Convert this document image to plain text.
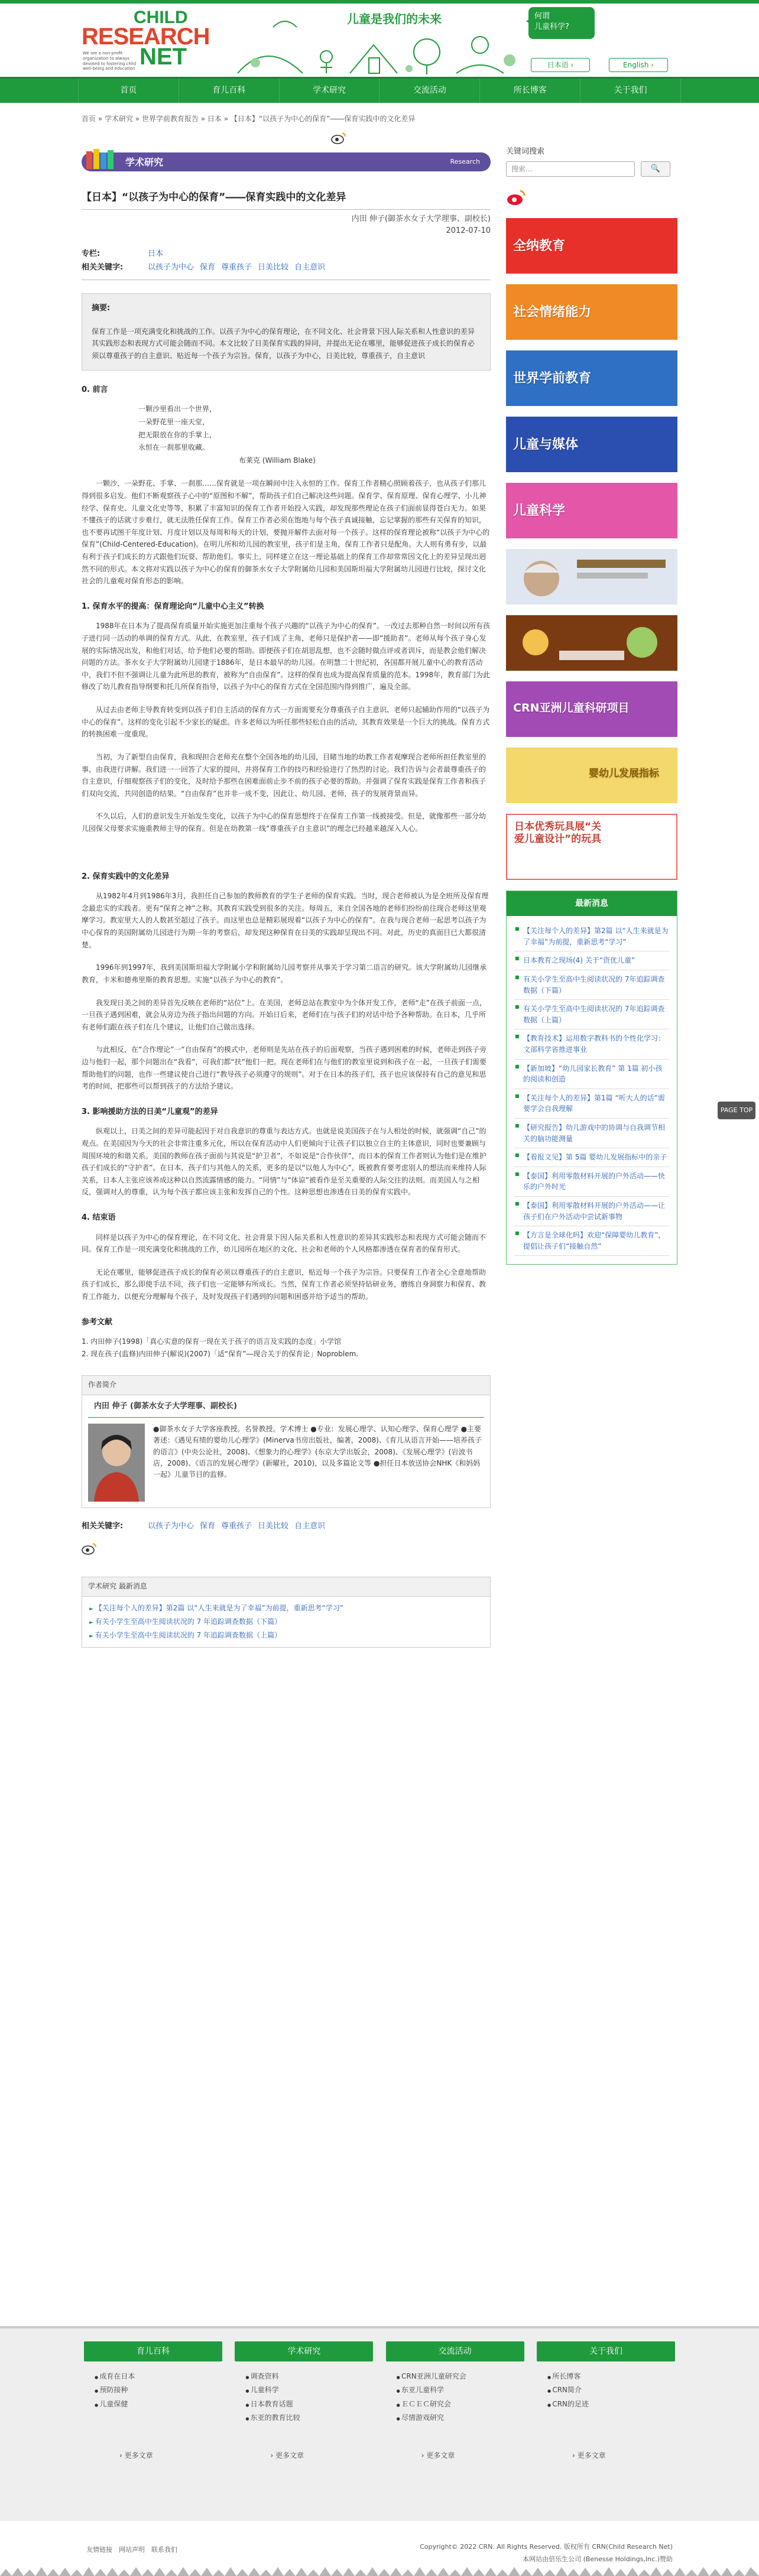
CHILD
RESEARCH
NET
We are a non-profit organization to always devoted to fostering child well-being and education
儿童是我们的未来	何谓
儿童科学?
日本语 ›	English ›
首页	育儿百科	学术研究	交流活动	所长博客	关于我们
首页 » 学术研究 » 世界学前教育报告 » 日本 » 【日本】“以孩子为中心的保育”――保育实践中的文化差异
学术研究	Research
【日本】“以孩子为中心的保育”――保育实践中的文化差异
内田 伸子(御茶水女子大学理事、副校长)
2012-07-10
专栏:	日本
相关关键字:	以孩子为中心 保育 尊重孩子 日美比较 自主意识
摘要:
保育工作是一项充满变化和挑战的工作。以孩子为中心的保育理论，在不同文化、社会背景下因人际关系和人性意识的差异其实践形态和表现方式可能会随而不同。本文比较了日美保育实践的异同，并提出无论在哪里，能够促进孩子成长的保育必须以尊重孩子的自主意识、贴近每一个孩子为宗旨。保育，以孩子为中心，日美比较，尊重孩子，自主意识
0. 前言
一颗沙里看出一个世界，
一朵野花里一座天堂，
把无限放在你的手掌上，
永恒在一刹那里收藏。
布莱克 (William Blake)

一颗沙、一朵野花、手掌、一刹那……保育就是一项在瞬间中注入永恒的工作。保育工作者精心照顾着孩子，也从孩子们那儿得到很多启发。他们不断观察孩子心中的“原图和不解”，帮助孩子们自己解决这些问题。保育学、保育原理、保育心理学、小儿神经学、保育史、儿童文化史等等，积累了丰富知识的保育工作者开始投入实践，却发现那些理论在孩子们面前显得苍白无力。如果不懂孩子的话就寸步难行，就无法胜任保育工作。保育工作者必须在饱地与每个孩子真诚接触，忘记掌握的那些有关保育的知识，也不要再试图干年度计划、月度计划以及每周和每天的计划，要抛开解件去面对每一个孩子。这样的保育理论被称“以孩子为中心的保育”(Child-Centered-Education)。在明儿所和幼儿园的教室里，孩子们是主角，保育工作者只是配角。大人则有勇有步，以最有利于孩子们成长的方式跟他们玩耍、帮助他们。事实上，同样建立在这一理论基础上的保育工作却常常因文化上的差异呈现出迥然不同的形式。本文将对实践以孩子为中心的保育的御茶水女子大学附属幼儿园和美国斯坦福大学附属幼儿园进行比较，探讨文化社会的儿童观对保育形态的影响。

1. 保育水平的提高：保育理论向“儿童中心主义”转换

1988年在日本为了提高保育质量开始实施更加注重每个孩子兴趣的“以孩子为中心的保育”。一改过去那种自然一时间以所有孩子进行同一活动的单调的保育方式。从此，在教室里，孩子们成了主角，老师只是保护者——即“援助者”。老师从每个孩子身心发展的实际情况出发，和他们对话，给予他们必要的帮助。即便孩子们在胡思乱想，也不会随时做点评或者训斥，而是教会他们解决问题的方法。茶水女子大学附属幼儿园建于1886年，是日本最早的幼儿园。在明慧二十世纪初，各国都开展儿童中心的教育活动中，我们不但不强调让儿童为此所思的教育，被称为“自由保育”。这样的保育也成为提高保育质量的范本。1998年，教育部门为此修改了幼儿教育指导纲要和托儿所保育指导，以孩子为中心的保育方式在全国范围内得到推广，遍及全部。

从过去由老师主导教育转变到以孩子们自主活动的保育方式一方面需要充分尊重孩子自主意识、老师只起辅助作用的“以孩子为中心的保育”。这样的变化引起不少家长的疑虑。许多老师以为听任那些轻松自由的活动，其教育效果是一个巨大的挑战。保育方式的转换困难一度重现。

当初，为了新型自由保育，我和现担合老师充在整个全国各地的幼儿园，目睹当地的幼教工作者观摩现合老师所担任教室里的事，由我进行讲解。我们进一一回答了大家的提问，并将保育工作的技巧和经验进行了热烈的讨论。我们告诉与会者最尊重孩子的自主意识，仔细观察孩子们的变化，及时给予那些在困难面前止步不前的孩子必要的帮助。并强调了保育实践是保育工作者和孩子们双向交流，共同创造的结果。“自由保育”也并非一成不变，因此让、幼儿园、老师，孩子的发展背景而异。

不久以后，人们的意识发生开始发生变化，以孩子为中心的保育思想终于在保育工作第一线被接受。但是，就像那些一部分幼儿园保父母要求实施重教师主导的保育。但是在幼教第一线“尊重孩子自主意识”的理念已经越来越深入人心。

2. 保育实践中的文化差异

从1982年4月到1986年3月，我担任自己参加的教师教育的学生子老师的保育实践。当时，现合老师被认为是全班所及保育理念最忠实的实践者。更有“保育之神”之称。其教育实践受到很多的关注。每周五，来自全国各地的老师们纷纷前往现合老师这里观摩学习。教室里大人的人数甚至超过了孩子。而这里也总是精彩展现着“以孩子为中心的保育”。在我与现合老师一起思考以孩子为中心保育的美国附属幼儿园进行为期一年的考察后，却发现这种保育在日美的实践却呈现出不同。对此，历史的真面目已大都很清楚。

1996年到1997年，我到美国斯坦福大学附属小学和附属幼儿园考察并从事关于学习第二语言的研究。该大学附属幼儿园继承教育，卡米和德弗里斯的教育思想。实施“以孩子为中心的教育”。

我发现日美之间的差异首先反映在老师的“站位”上。在美国，老师总站在教室中为个体开发工作，老师“走”在孩子前面一点，一旦孩子遇到困难，就会从旁边为孩子指出问题的方向。开始日后来，老师们在与孩子们的对话中给予各种帮助。在日本，几乎所有老师们跟在孩子们在几个建议，让他们自己做出选择。

与此相反，在“合作理论”一“自由保育”的模式中，老师则是先站在孩子的后面观察，当孩子遇到困难的时候，老师走到孩子旁边与他们一起，那个问题出在“我看”，可我们都“扶”他们一把。现在老师们在与他们的教室里说到和孩子在一起，一旦孩子们需要帮助他们的问题，也作一些建议使自己进行“教导孩子必须遵守的规则”。对于在日本的孩子们，孩子也应该保持有自己的意见和思考的时间，把那些可以帮到孩子的方法给予建议。

3. 影响援助方法的日美“儿童观”的差异

纵观以上，日美之间的差异可能起因于对自我意识的尊重与表达方式。也就是说美国孩子在与人相处的时候，就强调“自己”的观点。在美国因为今天的社会非常注重多元化，所以在保育活动中人们更倾向于让孩子们以独立自主的主体意识，同时也要兼顾与周围环境的和谐关系。美国的教师在孩子面前与其说是“护卫者”，不如说是“合作伙伴”，而日本的保育工作者则认为他们是在维护孩子们成长的“守护者”。在日本，孩子们与其他人的关系，更多的是以“以他人为中心”，既被教育要考虑别人的想法而来维持人际关系，日本人主张应该养成这种以自然流露情感的能力。“同情”与“体谅”被看作是至关重要的人际交往的法则。而美国人与之相反，强调对人的尊重，认为每个孩子都应该主张和发挥自己的个性。这种思想也渗透在日美的保育实践中。

4. 结束语

同样是以孩子为中心的保育理论，在不同文化、社会背景下因人际关系和人性意识的差异其实践形态和表现方式可能会随而不同。保育工作是一项充满变化和挑战的工作，幼儿园所在地区的文化、社会和老师的个人风格都渗透在保育者的保育形式。

无论在哪里，能够促进孩子成长的保育必须以尊重孩子的自主意识，贴近每一个孩子为宗旨。只要保育工作者全心全意地帮助孩子们成长，那么即使手法不同，孩子们也一定能够有所成长。当然，保育工作者必须坚持钻研业务，磨练自身洞察力和保育、教育工作能力，以便充分理解每个孩子，及时发现孩子们遇到的问题和困惑并给予适当的帮助。

参考文献
1. 内田伸子(1998)「真心实意的保育一现在关于孩子的语言及实践的态度」小学馆
2. 现在孩子(监修)内田伸子(解说)(2007)「适“保育”―现合关于的保育论」Noproblem.
作者简介
内田 伸子 (御茶水女子大学理事、副校长)
●御茶水女子大学客座教授。名誉教授。学术博士 ●专业：发展心理学、认知心理学、保育心理学 ●主要著述：《遇见有绩的婴幼儿心理学》(Minerva书房出版社，编著，2008)、《育儿从语言开始——培养孩子的语言》(中央公论社，2008)、《想象力的心理学》(东京大学出版会，2008)、《发展心理学》(岩波书店，2008)、《语言的发展心理学》(新曜社，2010)，以及多篇论文等 ●担任日本放送协会NHK《和妈妈一起》儿童节目的监修。
相关关键字:	以孩子为中心 保育 尊重孩子 日美比较 自主意识
学术研究 最新消息
► 【关注每个人的差异】第2篇 以“人生来就是为了幸福”为前提，重新思考“学习”
► 有关小学生至高中生阅读状况的 7 年追踪调查数据（下篇）
► 有关小学生至高中生阅读状况的 7 年追踪调查数据（上篇）
关键词搜索
搜索...	🔍
全纳教育
社会情绪能力
世界学前教育
儿童与媒体
儿童科学
CRN亚洲儿童科研项目
婴幼儿发展指标
日本优秀玩具展“关爱儿童设计”的玩具
最新消息
■ 【关注每个人的差异】第2篇 以“人生来就是为了幸福”为前提，重新思考“学习”
■ 日本教育之现场(4) 关于“资优儿童”
■ 有关小学生至高中生阅读状况的 7年追踪调查数据（下篇）
■ 有关小学生至高中生阅读状况的 7年追踪调查数据（上篇）
■ 【教育技术】运用数字教科书的个性化学习：文部科学省推进事业
■ 【新加坡】“幼儿园家长教育” 第 1篇 初小孩的阅读和创造
■ 【关注每个人的差异】第1篇 “听大人的话”需要学会自我理解
■ 【研究报告】幼儿游戏中的协调与自我调节相关的脑功能测量
■ 【看报文见】第 5篇 婴幼儿发展指标中的亲子
■ 【泰国】利用零散材料开展的户外活动——快乐的户外时光
■ 【泰国】利用零散材料开展的户外活动——让孩子们在户外活动中尝试新事物
■ 【方言是全球化吗】欢迎“保障婴幼儿教育”，提倡让孩子们“接触自然”
PAGE TOP
育儿百科
● 成育在日本
● 预防接种
● 儿童保健
› 更多文章
学术研究
● 调查资料
● 儿童科学
● 日本教育话题
● 东亚的教育比较
› 更多文章
交流活动
● CRN亚洲儿童研究会
● 东亚儿童科学
● ＥＣＥＣ研究会
● 尽情游戏研究
› 更多文章
关于我们
● 所长博客
● CRN简介
● CRN的足迹
› 更多文章
友情链接　网站声明　联系我们	Copyright© 2022 CRN. All Rights Reserved. 版权所有 CRN(Child Research Net)
本网站由倍乐生公司 (Benesse Holdings,Inc.)赞助
